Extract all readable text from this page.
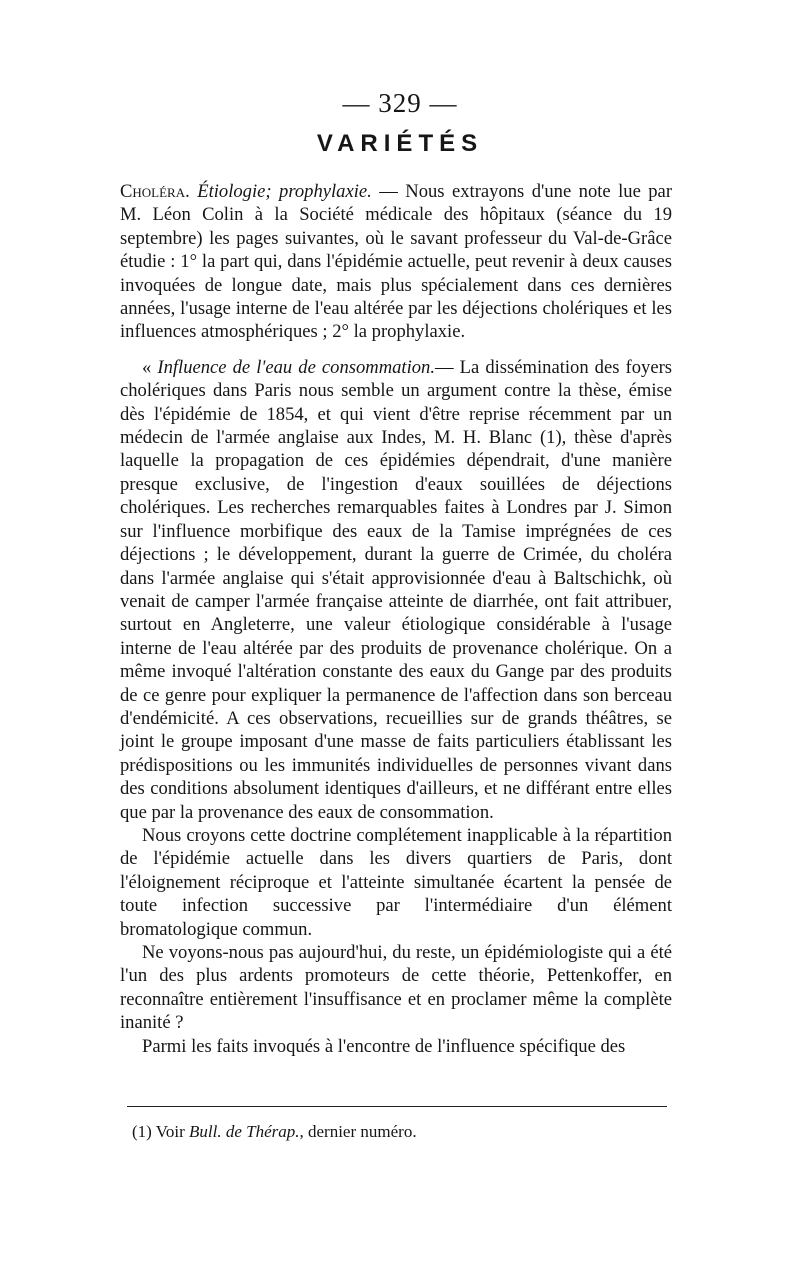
— 329 —
VARIÉTÉS

Choléra. Étiologie; prophylaxie. — Nous extrayons d'une note lue par M. Léon Colin à la Société médicale des hôpitaux (séance du 19 septembre) les pages suivantes, où le savant professeur du Val-de-Grâce étudie : 1° la part qui, dans l'épidémie actuelle, peut revenir à deux causes invoquées de longue date, mais plus spécialement dans ces dernières années, l'usage interne de l'eau altérée par les déjections cholériques et les influences atmosphériques ; 2° la prophylaxie.

« Influence de l'eau de consommation.— La dissémination des foyers cholériques dans Paris nous semble un argument contre la thèse, émise dès l'épidémie de 1854, et qui vient d'être reprise récemment par un médecin de l'armée anglaise aux Indes, M. H. Blanc (1), thèse d'après laquelle la propagation de ces épidémies dépendrait, d'une manière presque exclusive, de l'ingestion d'eaux souillées de déjections cholériques. Les recherches remarquables faites à Londres par J. Simon sur l'influence morbifique des eaux de la Tamise imprégnées de ces déjections ; le développement, durant la guerre de Crimée, du choléra dans l'armée anglaise qui s'était approvisionnée d'eau à Baltschichk, où venait de camper l'armée française atteinte de diarrhée, ont fait attribuer, surtout en Angleterre, une valeur étiologique considérable à l'usage interne de l'eau altérée par des produits de provenance cholérique. On a même invoqué l'altération constante des eaux du Gange par des produits de ce genre pour expliquer la permanence de l'affection dans son berceau d'endémicité. A ces observations, recueillies sur de grands théâtres, se joint le groupe imposant d'une masse de faits particuliers établissant les prédispositions ou les immunités individuelles de personnes vivant dans des conditions absolument identiques d'ailleurs, et ne différant entre elles que par la provenance des eaux de consommation.

Nous croyons cette doctrine complétement inapplicable à la répartition de l'épidémie actuelle dans les divers quartiers de Paris, dont l'éloignement réciproque et l'atteinte simultanée écartent la pensée de toute infection successive par l'intermédiaire d'un élément bromatologique commun.

Ne voyons-nous pas aujourd'hui, du reste, un épidémiologiste qui a été l'un des plus ardents promoteurs de cette théorie, Pettenkoffer, en reconnaître entièrement l'insuffisance et en proclamer même la complète inanité ?

Parmi les faits invoqués à l'encontre de l'influence spécifique des

(1) Voir Bull. de Thérap., dernier numéro.
